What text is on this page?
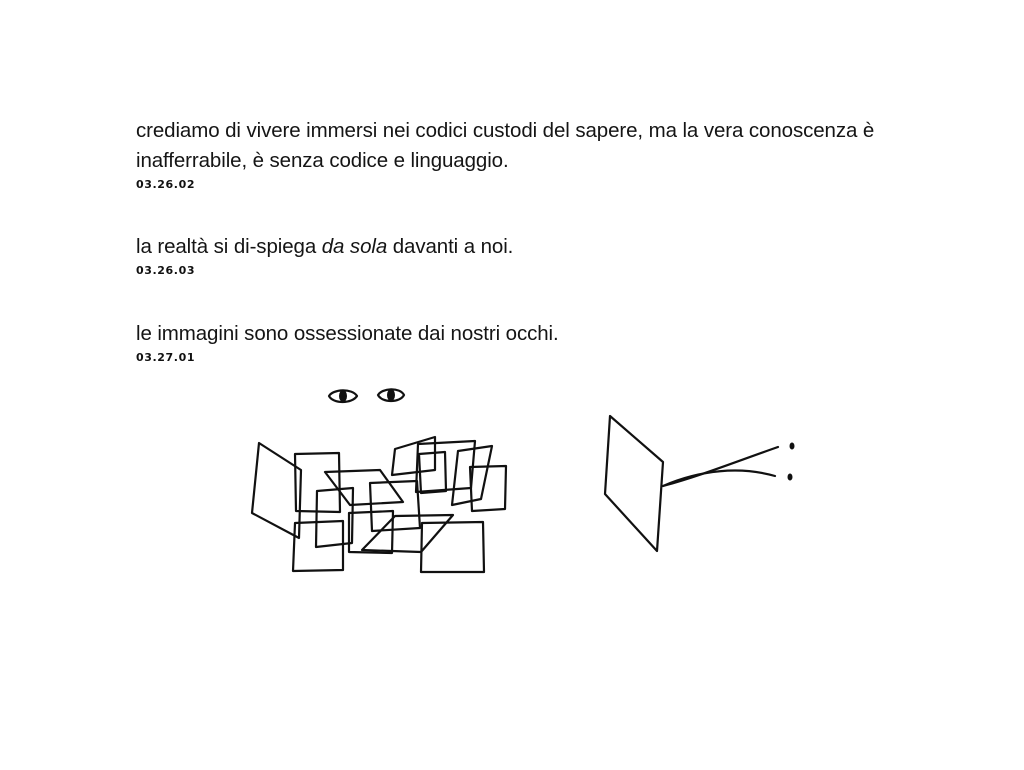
crediamo di vivere immersi nei codici custodi del sapere, ma la vera conoscenza è inafferrabile, è senza codice e linguaggio.

03.26.02

la realtà si di-spiega da sola davanti a noi.

03.26.03

le immagini sono ossessionate dai nostri occhi.

03.27.01
